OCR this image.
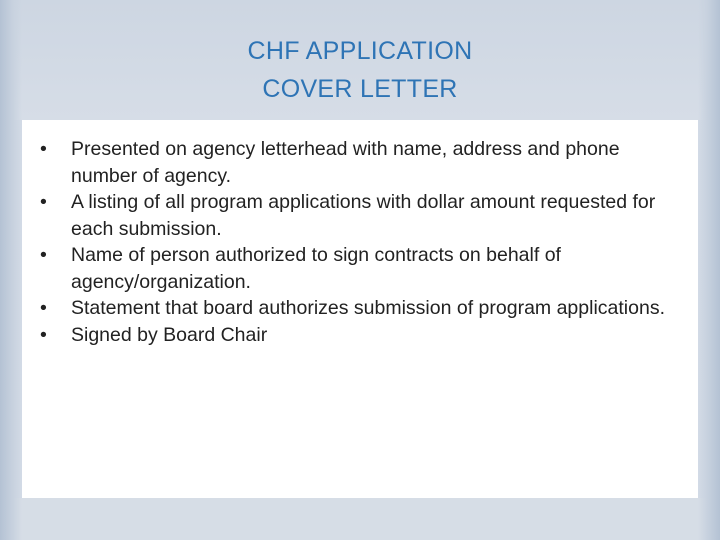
CHF APPLICATION
COVER LETTER
•	Presented on agency letterhead with name, address and phone number of agency.
•	A listing of all program applications with dollar amount requested for each submission.
•	Name of person authorized to sign contracts on behalf of agency/organization.
•	Statement that board authorizes submission of program applications.
•	Signed by Board Chair
